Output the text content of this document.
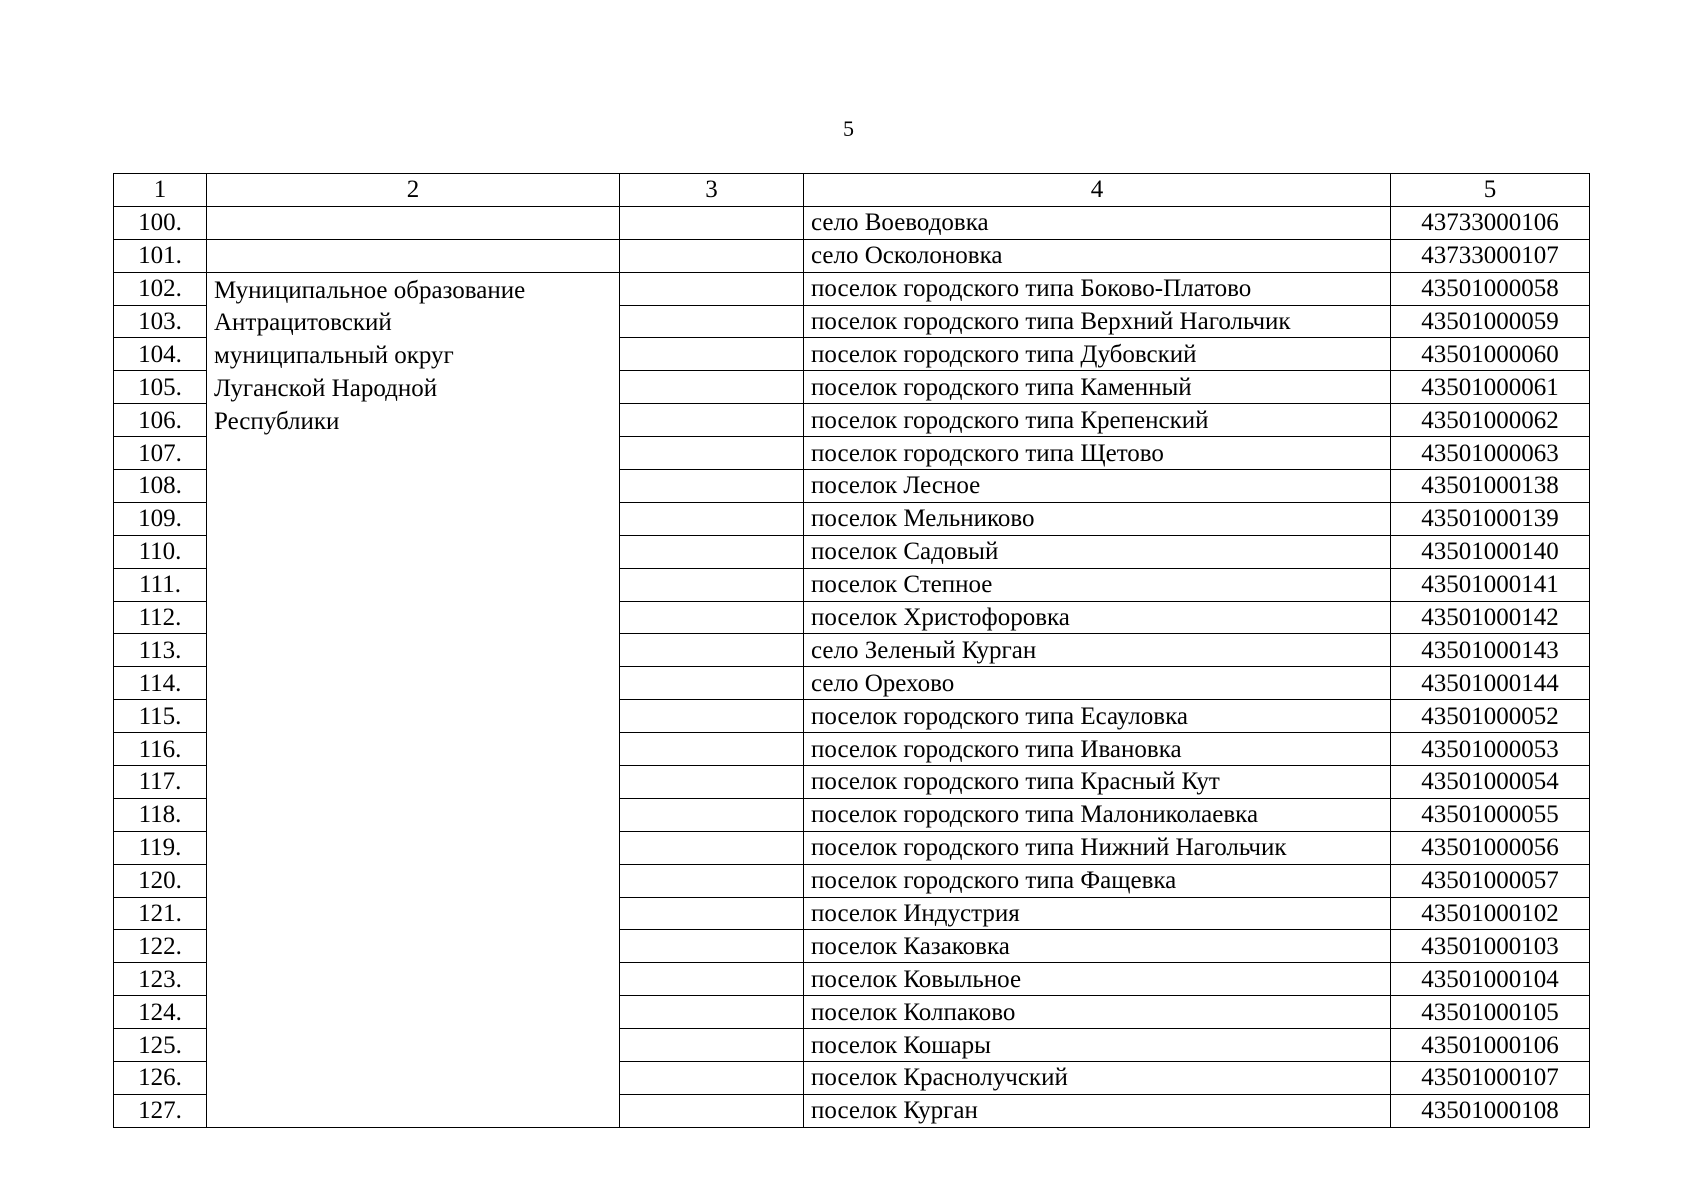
5
1	2	3	4	5
100.			село Воеводовка	43733000106
101.			село Осколоновка	43733000107
102.	Муниципальное образование
Антрацитовский
муниципальный округ
Луганской Народной
Республики		поселок городского типа Боково-Платово	43501000058
103.			поселок городского типа Верхний Нагольчик	43501000059
104.			поселок городского типа Дубовский	43501000060
105.			поселок городского типа Каменный	43501000061
106.			поселок городского типа Крепенский	43501000062
107.			поселок городского типа Щетово	43501000063
108.			поселок Лесное	43501000138
109.			поселок Мельниково	43501000139
110.			поселок Садовый	43501000140
111.			поселок Степное	43501000141
112.			поселок Христофоровка	43501000142
113.			село Зеленый Курган	43501000143
114.			село Орехово	43501000144
115.			поселок городского типа Есауловка	43501000052
116.			поселок городского типа Ивановка	43501000053
117.			поселок городского типа Красный Кут	43501000054
118.			поселок городского типа Малониколаевка	43501000055
119.			поселок городского типа Нижний Нагольчик	43501000056
120.			поселок городского типа Фащевка	43501000057
121.			поселок Индустрия	43501000102
122.			поселок Казаковка	43501000103
123.			поселок Ковыльное	43501000104
124.			поселок Колпаково	43501000105
125.			поселок Кошары	43501000106
126.			поселок Краснолучский	43501000107
127.			поселок Курган	43501000108
